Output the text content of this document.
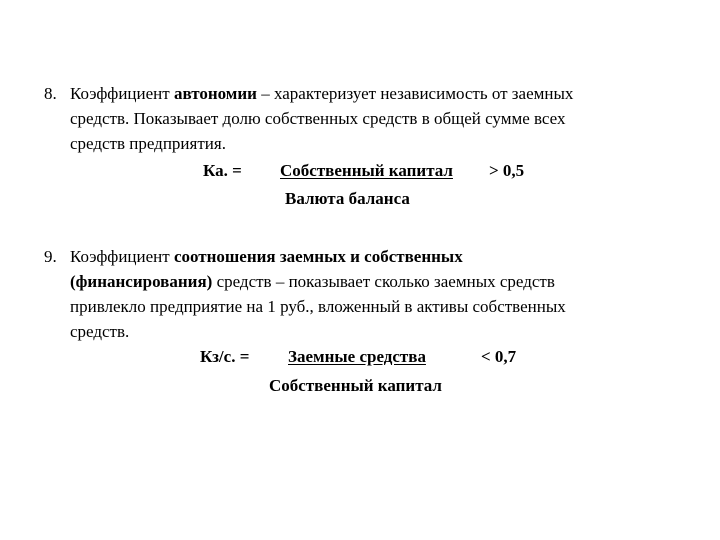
8. Коэффициент автономии – характеризует независимость от заемных
средств. Показывает долю собственных средств в общей сумме всех
средств предприятия.
Ка. = Собственный капитал > 0,5
Валюта баланса
9. Коэффициент соотношения заемных и собственных
(финансирования) средств – показывает сколько заемных средств
привлекло предприятие на 1 руб., вложенный в активы собственных
средств.
Кз/с. = Заемные средства	< 0,7
Собственный капитал
